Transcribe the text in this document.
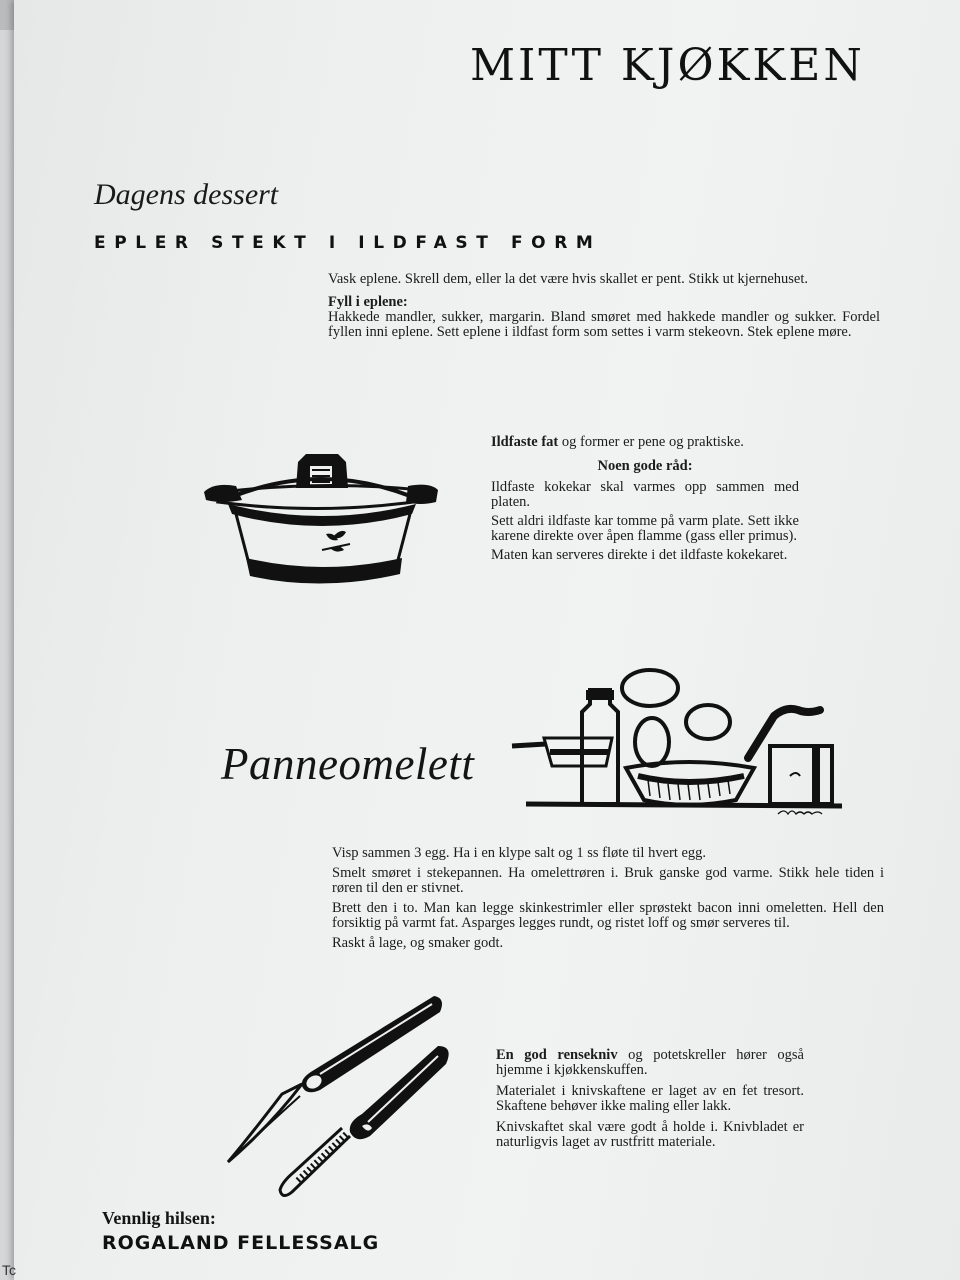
MITT KJØKKEN
Dagens dessert
EPLER STEKT I ILDFAST FORM

Vask eplene. Skrell dem, eller la det være hvis skallet er pent. Stikk ut kjernehuset.

Fyll i eplene:

Hakkede mandler, sukker, margarin. Bland smøret med hakkede mandler og sukker. Fordel fyllen inni eplene. Sett eplene i ildfast form som settes i varm stekeovn. Stek eplene møre.

Ildfaste fat og former er pene og praktiske.

Noen gode råd:

Ildfaste kokekar skal varmes opp sammen med platen.

Sett aldri ildfaste kar tomme på varm plate. Sett ikke karene direkte over åpen flamme (gass eller primus).

Maten kan serveres direkte i det ildfaste kokekaret.

Panneomelett

Visp sammen 3 egg. Ha i en klype salt og 1 ss fløte til hvert egg.

Smelt smøret i stekepannen. Ha omelettrøren i. Bruk ganske god varme. Stikk hele tiden i røren til den er stivnet.

Brett den i to. Man kan legge skinkestrimler eller sprøstekt bacon inni omeletten. Hell den forsiktig på varmt fat. Asparges legges rundt, og ristet loff og smør serveres til.

Raskt å lage, og smaker godt.

En god rensekniv og potetskreller hører også hjemme i kjøkkenskuffen.

Materialet i knivskaftene er laget av en fet tresort. Skaftene behøver ikke maling eller lakk.

Knivskaftet skal være godt å holde i. Knivbladet er naturligvis laget av rustfritt materiale.

Vennlig hilsen:
ROGALAND FELLESSALG
Tc
